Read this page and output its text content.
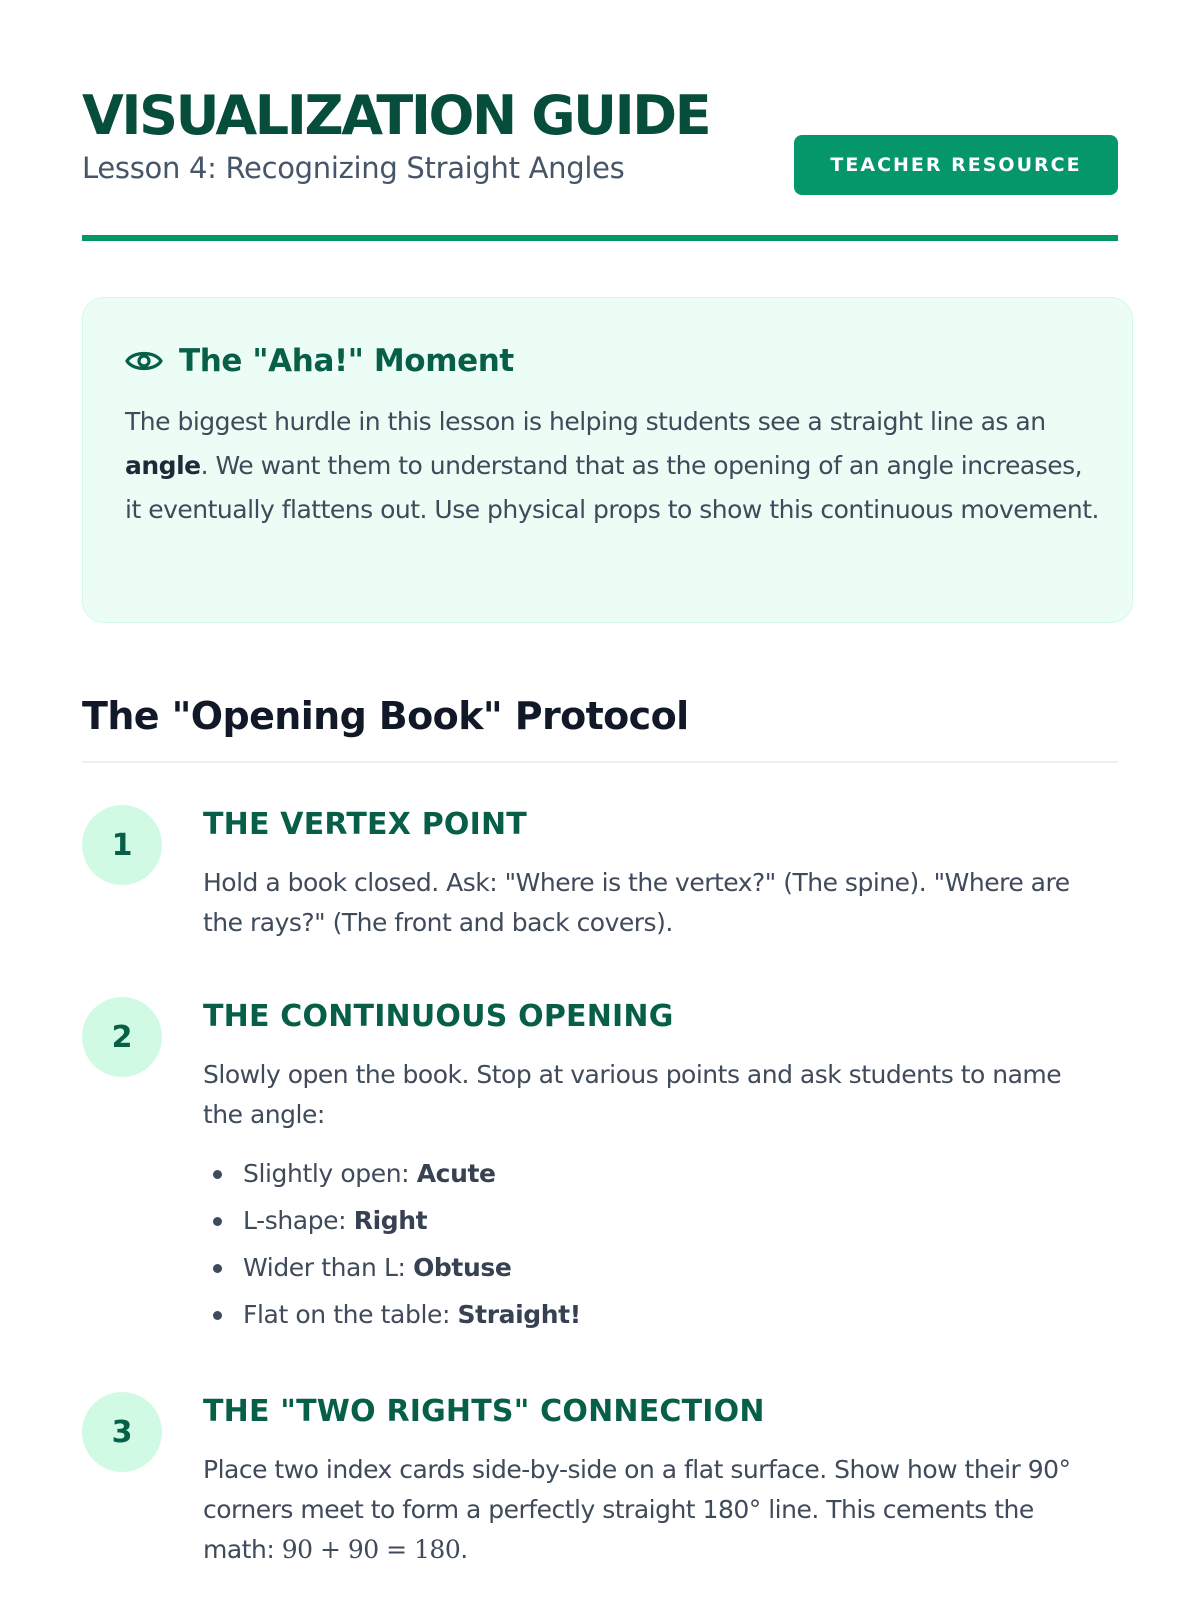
VISUALIZATION GUIDE
Lesson 4: Recognizing Straight Angles	TEACHER RESOURCE
The "Aha!" Moment

The biggest hurdle in this lesson is helping students see a straight line as an angle. We want them to understand that as the opening of an angle increases, it eventually flattens out. Use physical props to show this continuous movement.

The "Opening Book" Protocol
1
THE VERTEX POINT

Hold a book closed. Ask: "Where is the vertex?" (The spine). "Where are the rays?" (The front and back covers).

2
THE CONTINUOUS OPENING

Slowly open the book. Stop at various points and ask students to name the angle:

Slightly open: Acute
L-shape: Right
Wider than L: Obtuse
Flat on the table: Straight!
3
THE "TWO RIGHTS" CONNECTION

Place two index cards side-by-side on a flat surface. Show how their 90° corners meet to form a perfectly straight 180° line. This cements the math: 90 + 90 = 180.
